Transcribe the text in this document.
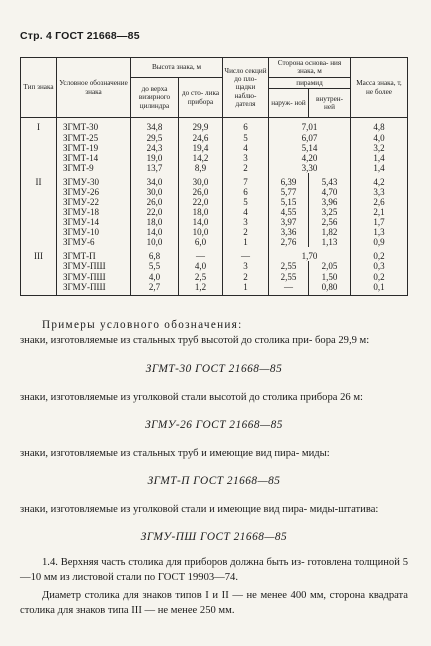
Стр. 4 ГОСТ 21668—85
Тип знака	Условное обозначение знака	Высота знака, м		Число секций до пло- щадки наблю- дателя	Сторона основа- ния знака, м		Масса знака, т, не более
		до верха визирного цилиндра	до сто- лика прибора		пирамид		
					наруж- ной	внутрен- ней	
I	ЗГМТ-30	34,8	29,9	6	7,01		4,8
	ЗГМТ-25	29,5	24,6	5	6,07		4,0
	ЗГМТ-19	24,3	19,4	4	5,14		3,2
	ЗГМТ-14	19,0	14,2	3	4,20		1,4
	ЗГМТ-9	13,7	8,9	2	3,30		1,4
II	ЗГМУ-30	34,0	30,0	7	6,39	5,43	4,2
	ЗГМУ-26	30,0	26,0	6	5,77	4,70	3,3
	ЗГМУ-22	26,0	22,0	5	5,15	3,96	2,6
	ЗГМУ-18	22,0	18,0	4	4,55	3,25	2,1
	ЗГМУ-14	18,0	14,0	3	3,97	2,56	1,7
	ЗГМУ-10	14,0	10,0	2	3,36	1,82	1,3
	ЗГМУ-6	10,0	6,0	1	2,76	1,13	0,9
III	ЗГМТ-П	6,8	—	—	1,70		0,2
	ЗГМУ-ПШ	5,5	4,0	3	2,55	2,05	0,3
	ЗГМУ-ПШ	4,0	2,5	2	2,55	1,50	0,2
	ЗГМУ-ПШ	2,7	1,2	1	—	0,80	0,1

Примеры условного обозначения:

знаки, изготовляемые из стальных труб высотой до столика при- бора 29,9 м:

ЗГМТ-30 ГОСТ 21668—85

знаки, изготовляемые из уголковой стали высотой до столика прибора 26 м:

ЗГМУ-26 ГОСТ 21668—85

знаки, изготовляемые из стальных труб и имеющие вид пира- миды:

ЗГМТ-П ГОСТ 21668—85

знаки, изготовляемые из уголковой стали и имеющие вид пира- миды-штатива:

ЗГМУ-ПШ ГОСТ 21668—85

1.4. Верхняя часть столика для приборов должна быть из- готовлена толщиной 5—10 мм из листовой стали по ГОСТ 19903—74.

Диаметр столика для знаков типов I и II — не менее 400 мм, сторона квадрата столика для знаков типа III — не менее 250 мм.
